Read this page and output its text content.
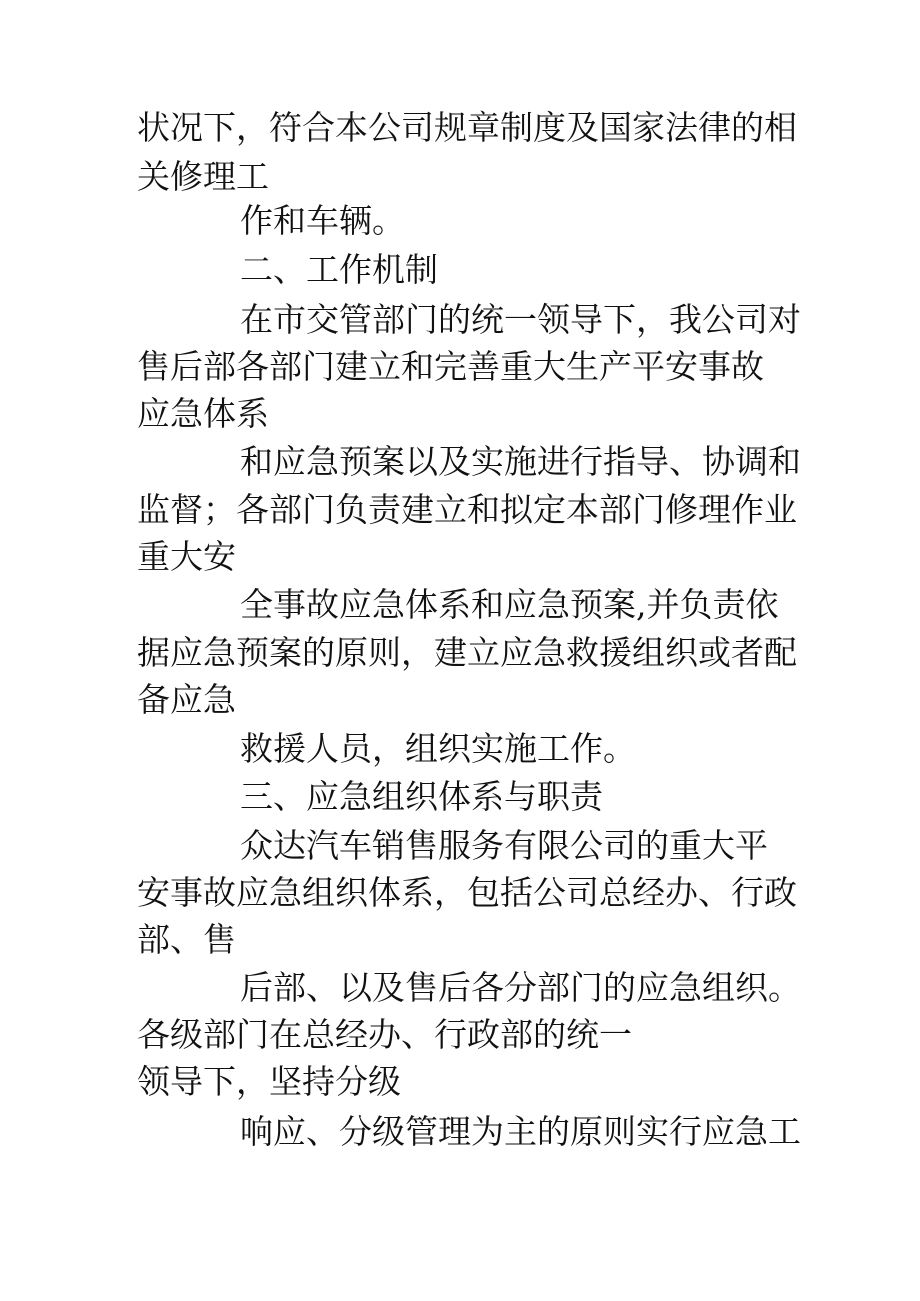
状况下，符合本公司规章制度及国家法律的相
关修理工
作和车辆。
二、工作机制
在市交管部门的统一领导下，我公司对
售后部各部门建立和完善重大生产平安事故
应急体系
和应急预案以及实施进行指导、协调和
监督；各部门负责建立和拟定本部门修理作业
重大安
全事故应急体系和应急预案,并负责依
据应急预案的原则，建立应急救援组织或者配
备应急
救援人员，组织实施工作。
三、应急组织体系与职责
众达汽车销售服务有限公司的重大平
安事故应急组织体系，包括公司总经办、行政
部、售
后部、以及售后各分部门的应急组织。
各级部门在总经办、行政部的统一
领导下，坚持分级
响应、分级管理为主的原则实行应急工
